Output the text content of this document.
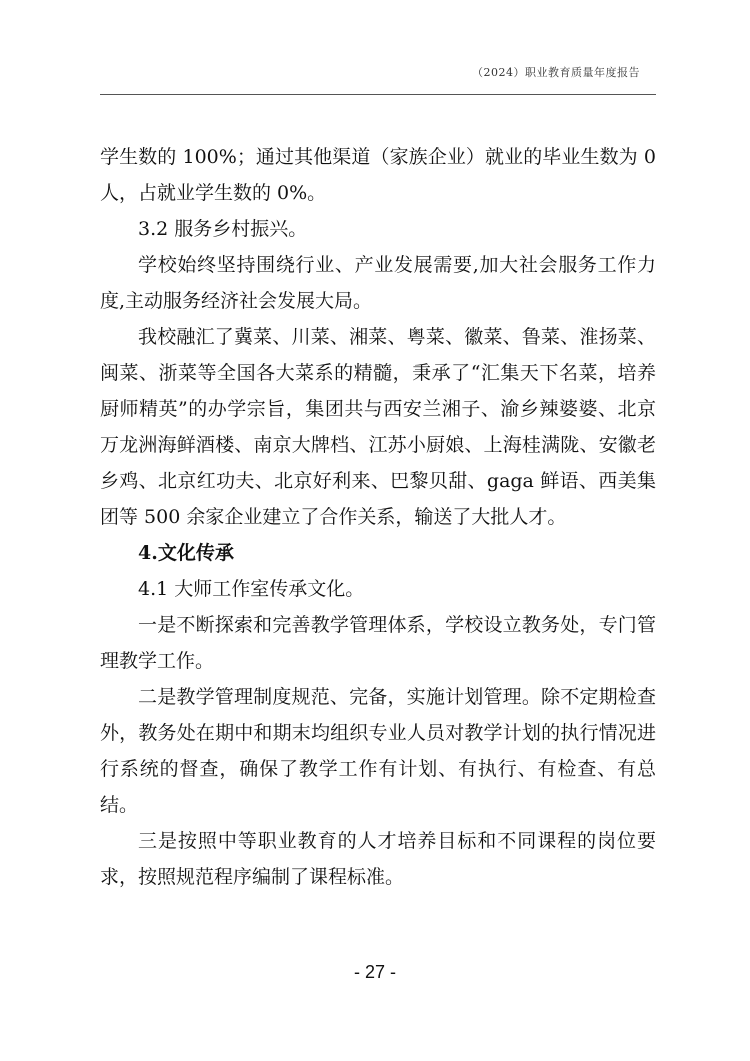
（2024）职业教育质量年度报告

学生数的 100%；通过其他渠道（家族企业）就业的毕业生数为 0 人，占就业学生数的 0%。

3.2 服务乡村振兴。

学校始终坚持围绕行业、产业发展需要,加大社会服务工作力度,主动服务经济社会发展大局。

我校融汇了冀菜、川菜、湘菜、粤菜、徽菜、鲁菜、淮扬菜、闽菜、浙菜等全国各大菜系的精髓，秉承了“汇集天下名菜，培养厨师精英”的办学宗旨，集团共与西安兰湘子、渝乡辣婆婆、北京万龙洲海鲜酒楼、南京大牌档、江苏小厨娘、上海桂满陇、安徽老乡鸡、北京红功夫、北京好利来、巴黎贝甜、gaga 鲜语、西美集团等 500 余家企业建立了合作关系，输送了大批人才。

4.文化传承

4.1 大师工作室传承文化。

一是不断探索和完善教学管理体系，学校设立教务处，专门管理教学工作。

二是教学管理制度规范、完备，实施计划管理。除不定期检查外，教务处在期中和期末均组织专业人员对教学计划的执行情况进行系统的督查，确保了教学工作有计划、有执行、有检查、有总结。

三是按照中等职业教育的人才培养目标和不同课程的岗位要求，按照规范程序编制了课程标准。

- 27 -
